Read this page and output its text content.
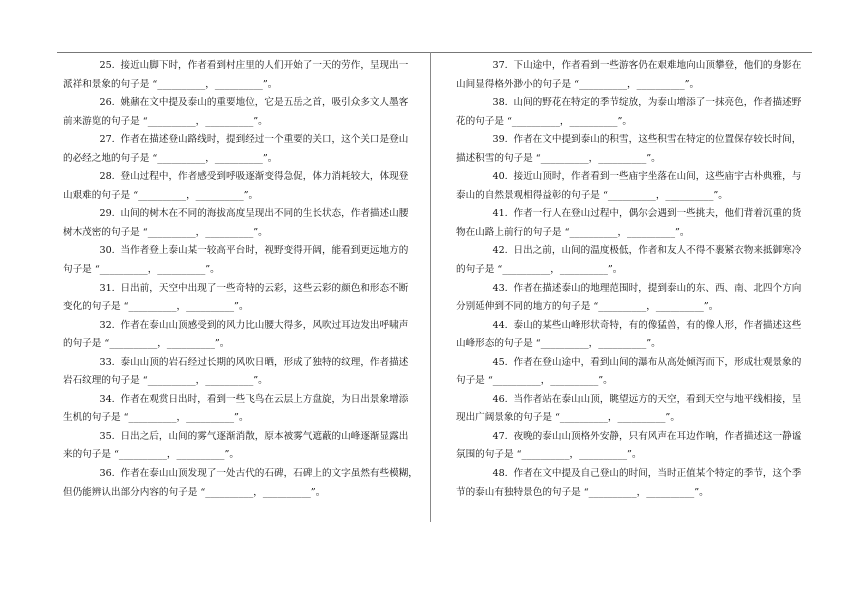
25. 接近山脚下时，作者看到村庄里的人们开始了一天的劳作，呈现出一
派祥和景象的句子是 “__________，__________”。

26. 姚鼐在文中提及泰山的重要地位，它是五岳之首，吸引众多文人墨客
前来游览的句子是 “__________，__________”。

27. 作者在描述登山路线时，提到经过一个重要的关口，这个关口是登山
的必经之地的句子是 “__________，__________”。

28. 登山过程中，作者感受到呼吸逐渐变得急促，体力消耗较大，体现登
山艰难的句子是 “__________，__________”。

29. 山间的树木在不同的海拔高度呈现出不同的生长状态，作者描述山腰
树木茂密的句子是 “__________，__________”。

30. 当作者登上泰山某一较高平台时，视野变得开阔，能看到更远地方的
句子是 “__________，__________”。

31. 日出前，天空中出现了一些奇特的云彩，这些云彩的颜色和形态不断
变化的句子是 “__________，__________”。

32. 作者在泰山山顶感受到的风力比山腰大得多，风吹过耳边发出呼啸声
的句子是 “__________，__________”。

33. 泰山山顶的岩石经过长期的风吹日晒，形成了独特的纹理，作者描述
岩石纹理的句子是 “__________，__________”。

34. 作者在观赏日出时，看到一些飞鸟在云层上方盘旋，为日出景象增添
生机的句子是 “__________，__________”。

35. 日出之后，山间的雾气逐渐消散，原本被雾气遮蔽的山峰逐渐显露出
来的句子是 “__________，__________”。

36. 作者在泰山山顶发现了一处古代的石碑，石碑上的文字虽然有些模糊，
但仍能辨认出部分内容的句子是 “__________，__________”。

37. 下山途中，作者看到一些游客仍在艰难地向山顶攀登，他们的身影在
山间显得格外渺小的句子是 “__________，__________”。

38. 山间的野花在特定的季节绽放，为泰山增添了一抹亮色，作者描述野
花的句子是 “__________，__________”。

39. 作者在文中提到泰山的积雪，这些积雪在特定的位置保存较长时间，
描述积雪的句子是 “__________，__________”。

40. 接近山顶时，作者看到一些庙宇坐落在山间，这些庙宇古朴典雅，与
泰山的自然景观相得益彰的句子是 “__________，__________”。

41. 作者一行人在登山过程中，偶尔会遇到一些挑夫，他们背着沉重的货
物在山路上前行的句子是 “__________，__________”。

42. 日出之前，山间的温度极低，作者和友人不得不裹紧衣物来抵御寒冷
的句子是 “__________，__________”。

43. 作者在描述泰山的地理范围时，提到泰山的东、西、南、北四个方向
分别延伸到不同的地方的句子是 “__________，__________”。

44. 泰山的某些山峰形状奇特，有的像猛兽，有的像人形，作者描述这些
山峰形态的句子是 “__________，__________”。

45. 作者在登山途中，看到山间的瀑布从高处倾泻而下，形成壮观景象的
句子是 “__________，__________”。

46. 当作者站在泰山山顶，眺望远方的天空，看到天空与地平线相接，呈
现出广阔景象的句子是 “__________，__________”。

47. 夜晚的泰山山顶格外安静，只有风声在耳边作响，作者描述这一静谧
氛围的句子是 “__________，__________”。

48. 作者在文中提及自己登山的时间，当时正值某个特定的季节，这个季
节的泰山有独特景色的句子是 “__________，__________”。
